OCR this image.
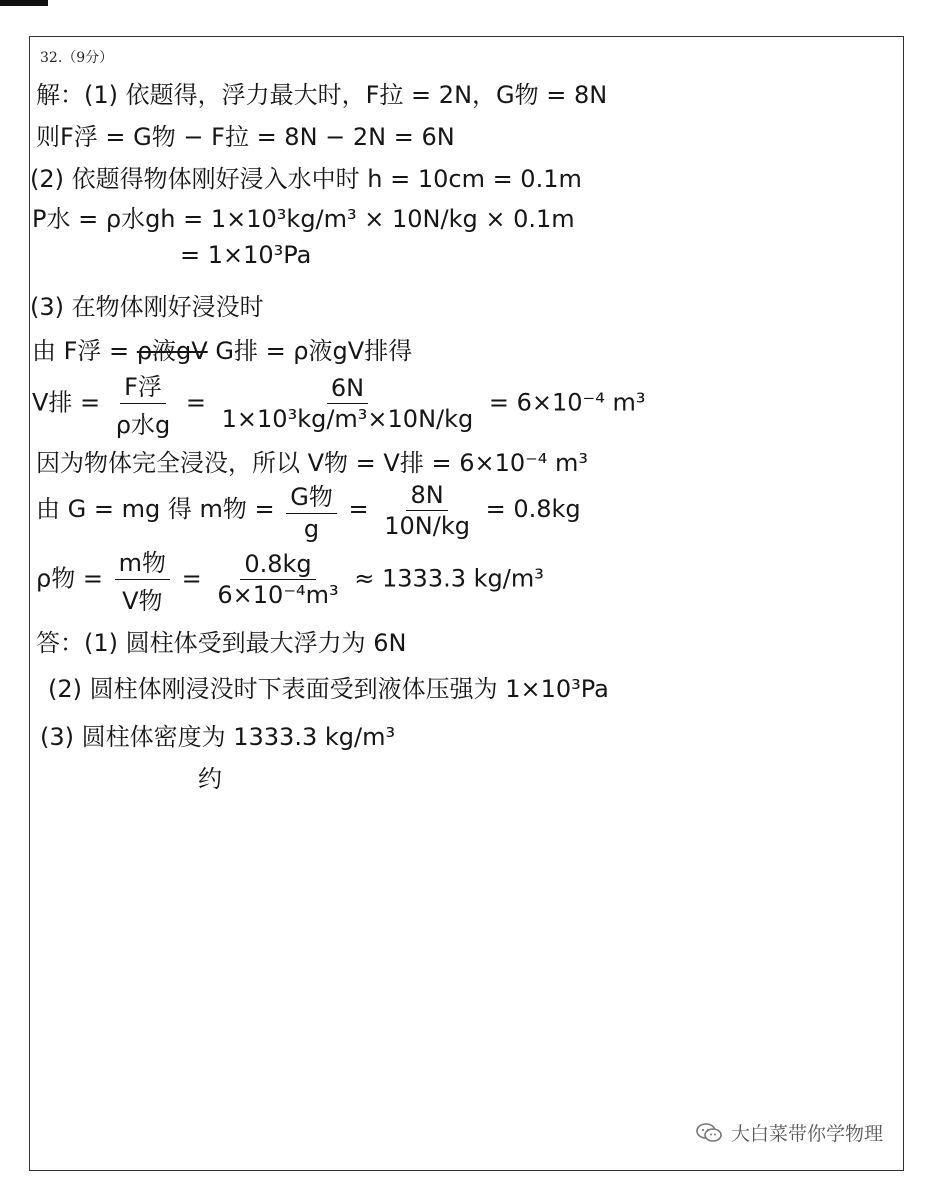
32.（9分）
解：(1) 依题得，浮力最大时，F拉 = 2N，G物 = 8N
则F浮 = G物 − F拉 = 8N − 2N = 6N
(2) 依题得物体刚好浸入水中时 h = 10cm = 0.1m
P水 = ρ水gh = 1×10³kg/m³ × 10N/kg × 0.1m
= 1×10³Pa
(3) 在物体刚好浸没时
由 F浮 = ρ液gV G排 = ρ液gV排得
V排 = $\frac{\text{F浮}}{\text{ρ水g}} = \frac{6N}{\text{1×10³kg/m³×10N/kg}} = 6\times 10^{-4}$ m³
因为物体完全浸没，所以 V物 = V排 = 6×10⁻⁴ m³
由 G = mg 得 m物 = $\frac{\text{G物}}{g} = \frac{8N}{10N/kg} = 0.8kg$
ρ物 = $\frac{\text{m物}}{\text{V物}} = \frac{0.8kg}{\text{6×10⁻⁴m³}} \approx 1333.3$ kg/m³
答：(1) 圆柱体受到最大浮力为 6N
(2) 圆柱体刚浸没时下表面受到液体压强为 1×10³Pa
(3) 圆柱体密度为 1333.3 kg/m³
约
大白菜带你学物理
